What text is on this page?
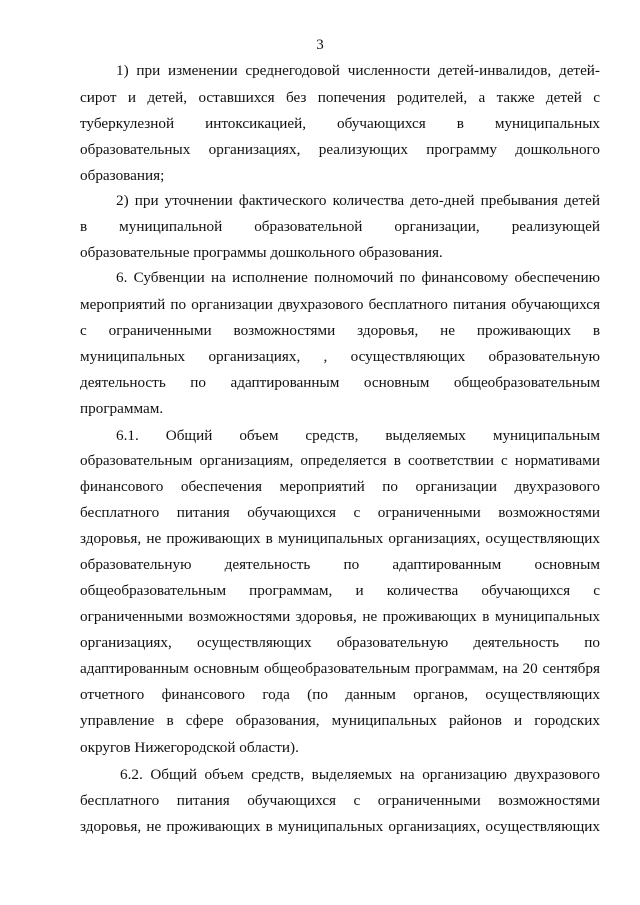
3
1) при изменении среднегодовой численности детей-инвалидов, детей-
сирот и детей, оставшихся без попечения родителей, а также детей с
туберкулезной интоксикацией, обучающихся в муниципальных
образовательных организациях, реализующих программу дошкольного
образования;
2) при уточнении фактического количества дето-дней пребывания детей
в муниципальной образовательной организации, реализующей
образовательные программы дошкольного образования.
6. Субвенции на исполнение полномочий по финансовому обеспечению
мероприятий по организации двухразового бесплатного питания обучающихся
с ограниченными возможностями здоровья, не проживающих в
муниципальных организациях, , осуществляющих образовательную
деятельность по адаптированным основным общеобразовательным
программам.
6.1. Общий объем средств, выделяемых муниципальным
образовательным организациям, определяется в соответствии с нормативами
финансового обеспечения мероприятий по организации двухразового
бесплатного питания обучающихся с ограниченными возможностями
здоровья, не проживающих в муниципальных организациях, осуществляющих
образовательную деятельность по адаптированным основным
общеобразовательным программам, и количества обучающихся с
ограниченными возможностями здоровья, не проживающих в муниципальных
организациях, осуществляющих образовательную деятельность по
адаптированным основным общеобразовательным программам, на 20 сентября
отчетного финансового года (по данным органов, осуществляющих
управление в сфере образования, муниципальных районов и городских
округов Нижегородской области).
6.2. Общий объем средств, выделяемых на организацию двухразового
бесплатного питания обучающихся с ограниченными возможностями
здоровья, не проживающих в муниципальных организациях, осуществляющих
